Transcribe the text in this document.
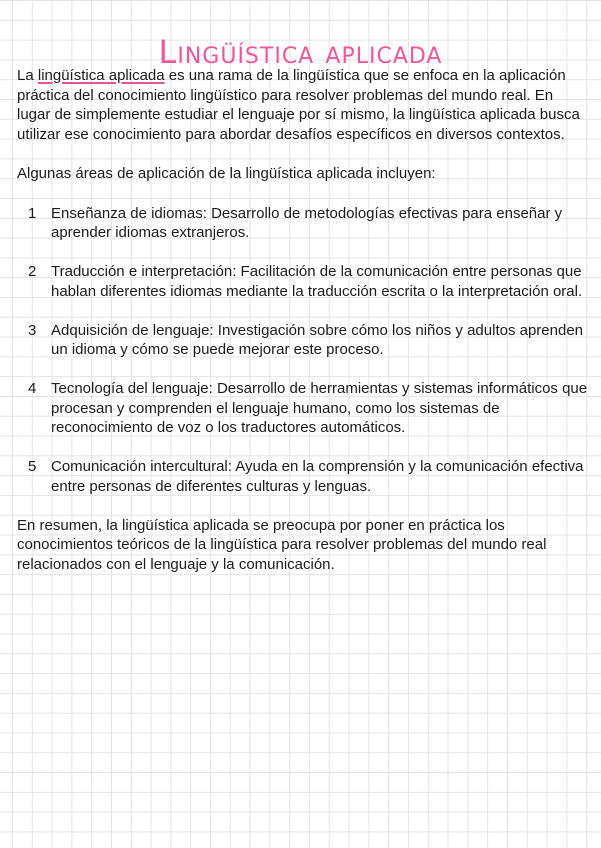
Lingüística aplicada

La lingüística aplicada es una rama de la lingüística que se enfoca en la aplicación práctica del conocimiento lingüístico para resolver problemas del mundo real. En lugar de simplemente estudiar el lenguaje por sí mismo, la lingüística aplicada busca utilizar ese conocimiento para abordar desafíos específicos en diversos contextos.

Algunas áreas de aplicación de la lingüística aplicada incluyen:

1 Enseñanza de idiomas: Desarrollo de metodologías efectivas para enseñar y aprender idiomas extranjeros.
2 Traducción e interpretación: Facilitación de la comunicación entre personas que hablan diferentes idiomas mediante la traducción escrita o la interpretación oral.
3 Adquisición de lenguaje: Investigación sobre cómo los niños y adultos aprenden un idioma y cómo se puede mejorar este proceso.
4 Tecnología del lenguaje: Desarrollo de herramientas y sistemas informáticos que procesan y comprenden el lenguaje humano, como los sistemas de reconocimiento de voz o los traductores automáticos.
5 Comunicación intercultural: Ayuda en la comprensión y la comunicación efectiva entre personas de diferentes culturas y lenguas.

En resumen, la lingüística aplicada se preocupa por poner en práctica los conocimientos teóricos de la lingüística para resolver problemas del mundo real relacionados con el lenguaje y la comunicación.
